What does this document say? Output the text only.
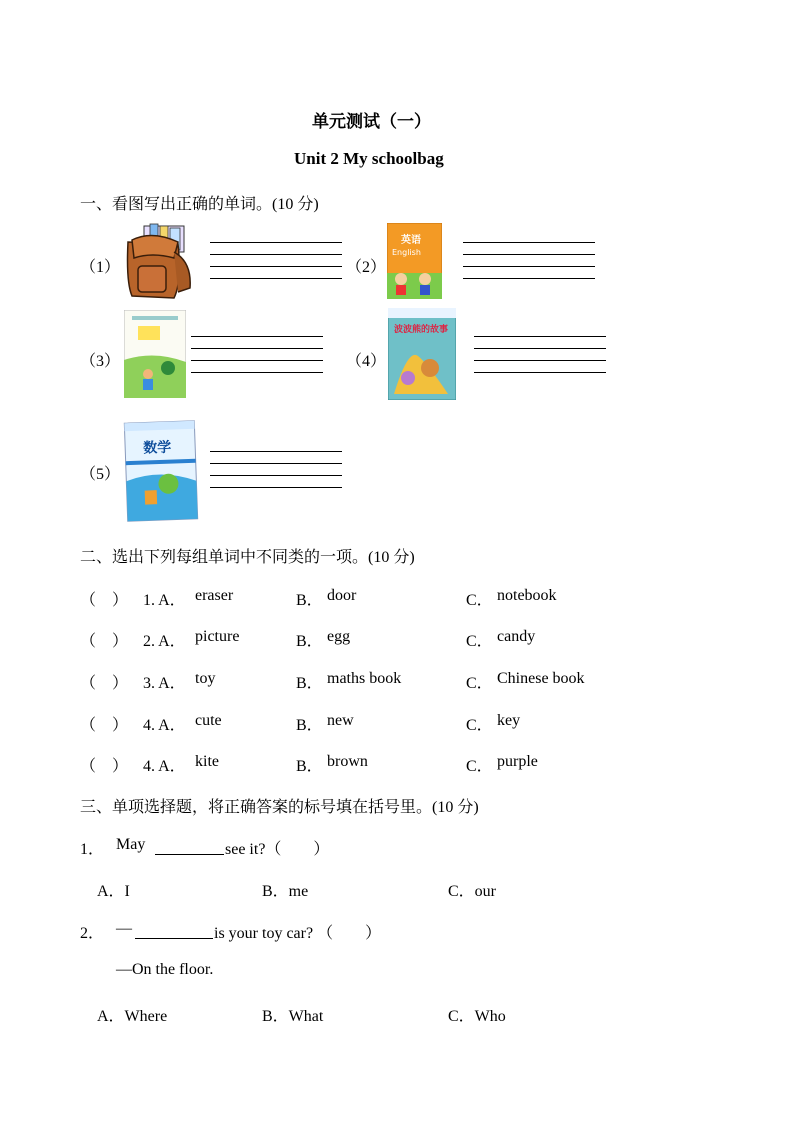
单元测试（一）
Unit 2 My schoolbag
一、看图写出正确的单词。(10 分)
（1）	（2）
英语
English
（3）	（4）
波波熊的故事
（5）
数学
二、选出下列每组单词中不同类的一项。(10 分)
（　） 1. A． eraser	B． door	C． notebook
（　） 2. A． picture	B． egg	C． candy
（　） 3. A． toy	B． maths book	C． Chinese book
（　） 4. A． cute	B． new	C． key
（　） 4. A． kite	B． brown	C． purple
三、单项选择题，将正确答案的标号填在括号里。(10 分)
1． May	see it?（　　）
A．I	B．me	C．our
2． —	is your toy car? （　　）
—On the floor.
A．Where	B．What	C．Who
